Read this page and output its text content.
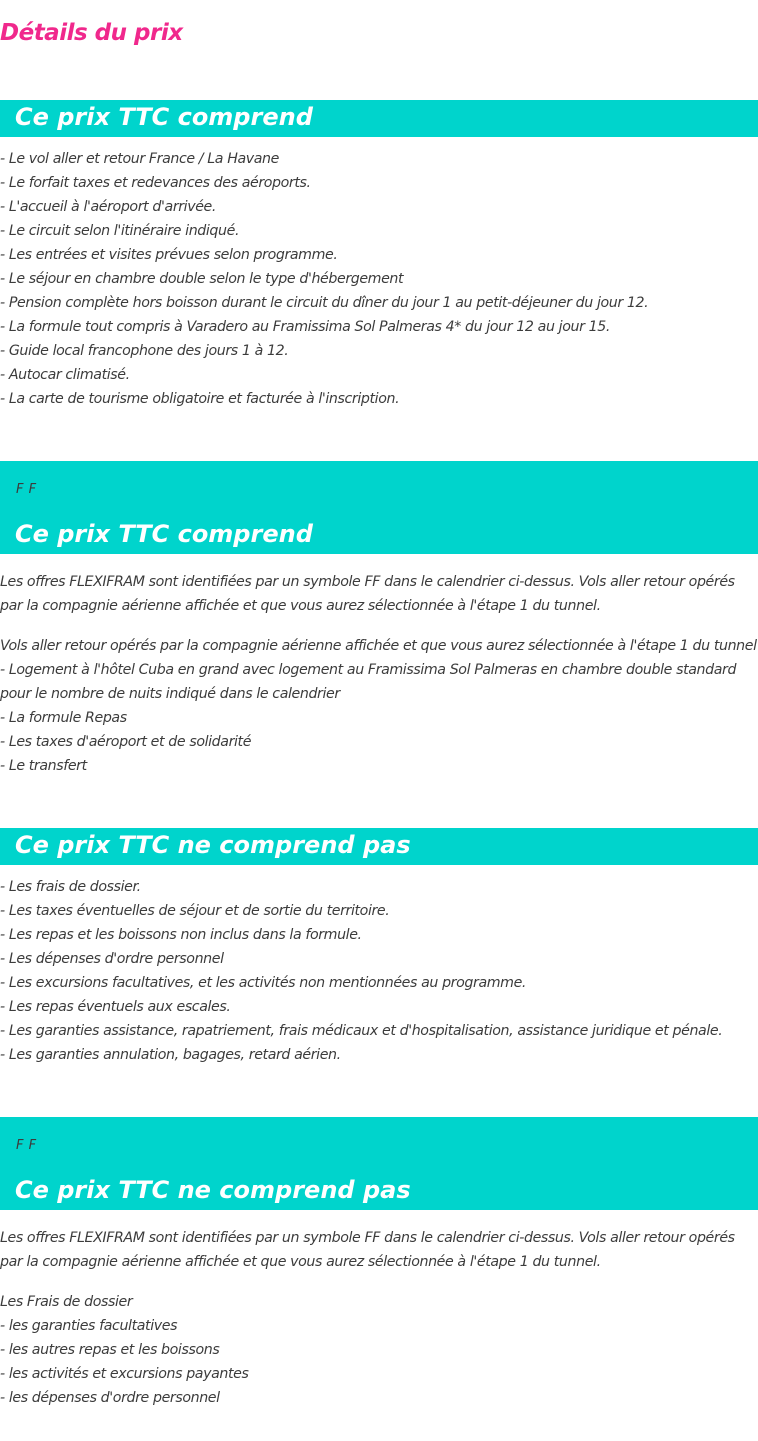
Détails du prix
Ce prix TTC comprend
- Le vol aller et retour France / La Havane
- Le forfait taxes et redevances des aéroports.
- L'accueil à l'aéroport d'arrivée.
- Le circuit selon l'itinéraire indiqué.
- Les entrées et visites prévues selon programme.
- Le séjour en chambre double selon le type d'hébergement
- Pension complète hors boisson durant le circuit du dîner du jour 1 au petit-déjeuner du jour 12.
- La formule tout compris à Varadero au Framissima Sol Palmeras 4* du jour 12 au jour 15.
- Guide local francophone des jours 1 à 12.
- Autocar climatisé.
- La carte de tourisme obligatoire et facturée à l'inscription.
F F
Ce prix TTC comprend

Les offres FLEXIFRAM sont identifiées par un symbole FF dans le calendrier ci-dessus. Vols aller retour opérés par la compagnie aérienne affichée et que vous aurez sélectionnée à l'étape 1 du tunnel.

Vols aller retour opérés par la compagnie aérienne affichée et que vous aurez sélectionnée à l'étape 1 du tunnel
- Logement à l'hôtel Cuba en grand avec logement au Framissima Sol Palmeras en chambre double standard pour le nombre de nuits indiqué dans le calendrier
- La formule Repas
- Les taxes d'aéroport et de solidarité
- Le transfert
Ce prix TTC ne comprend pas
- Les frais de dossier.
- Les taxes éventuelles de séjour et de sortie du territoire.
- Les repas et les boissons non inclus dans la formule.
- Les dépenses d'ordre personnel
- Les excursions facultatives, et les activités non mentionnées au programme.
- Les repas éventuels aux escales.
- Les garanties assistance, rapatriement, frais médicaux et d'hospitalisation, assistance juridique et pénale.
- Les garanties annulation, bagages, retard aérien.
F F
Ce prix TTC ne comprend pas

Les offres FLEXIFRAM sont identifiées par un symbole FF dans le calendrier ci-dessus. Vols aller retour opérés par la compagnie aérienne affichée et que vous aurez sélectionnée à l'étape 1 du tunnel.

Les Frais de dossier
- les garanties facultatives
- les autres repas et les boissons
- les activités et excursions payantes
- les dépenses d'ordre personnel
